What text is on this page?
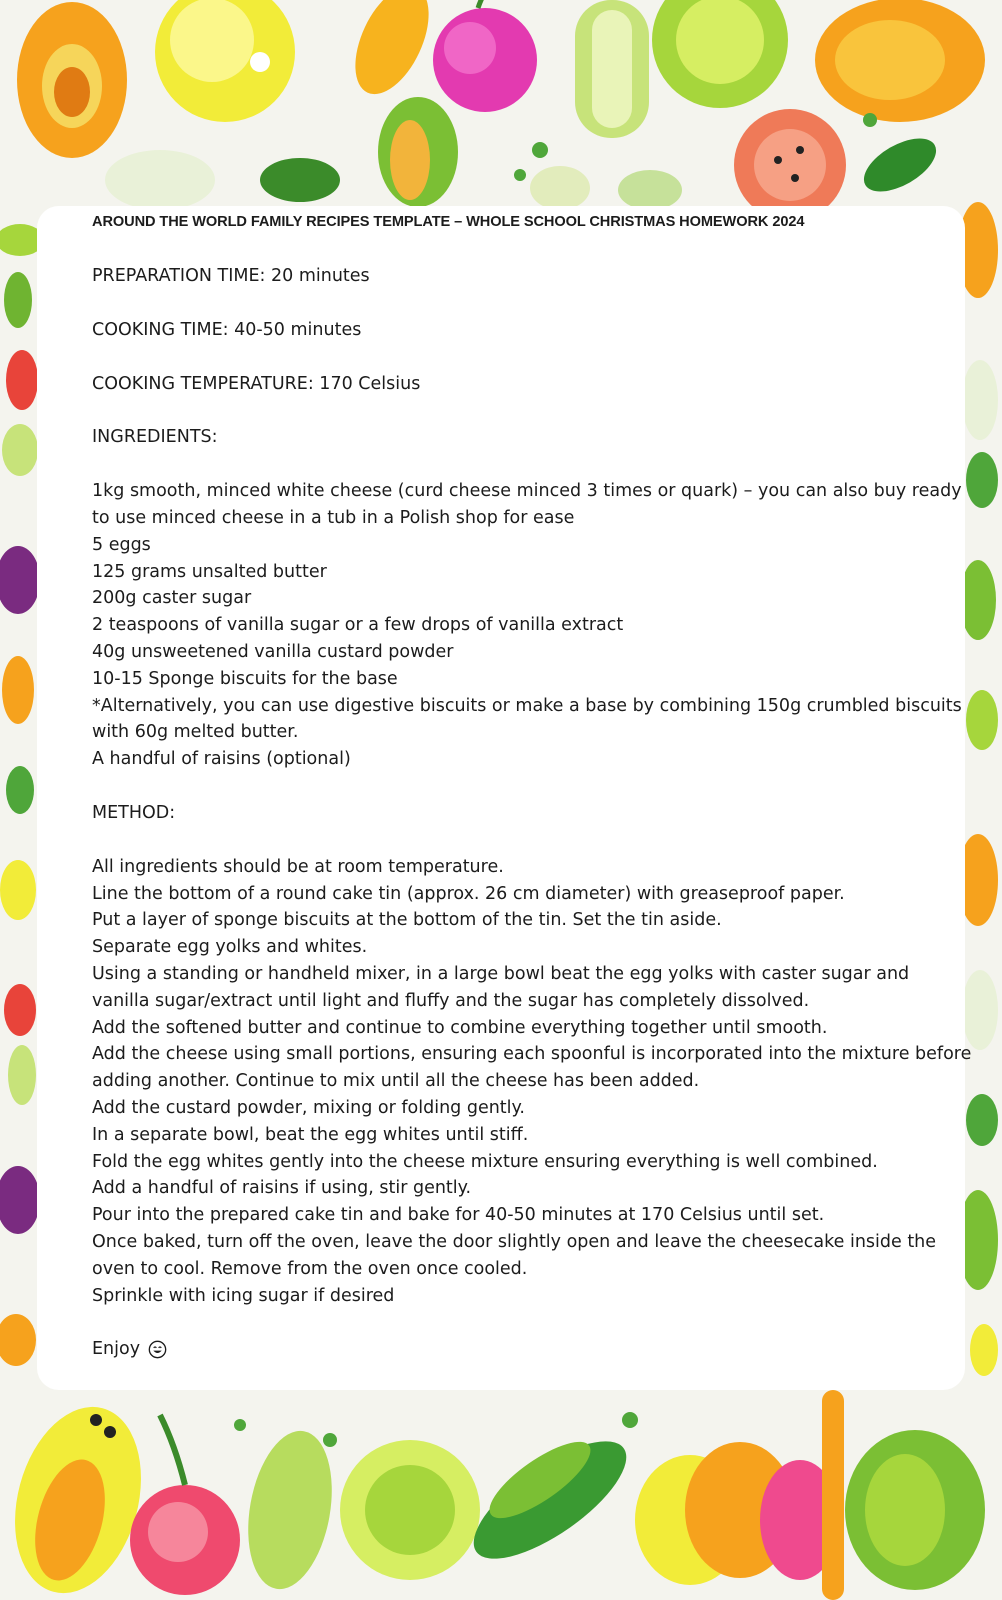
AROUND THE WORLD FAMILY RECIPES TEMPLATE – WHOLE SCHOOL CHRISTMAS HOMEWORK 2024
PREPARATION TIME: 20 minutes
COOKING TIME: 40-50 minutes
COOKING TEMPERATURE: 170 Celsius
INGREDIENTS:
1kg smooth, minced white cheese (curd cheese minced 3 times or quark) – you can also buy ready to use minced cheese in a tub in a Polish shop for ease
5 eggs
125 grams unsalted butter
200g caster sugar
2 teaspoons of vanilla sugar or a few drops of vanilla extract
40g unsweetened vanilla custard powder
10-15 Sponge biscuits for the base
*Alternatively, you can use digestive biscuits or make a base by combining 150g crumbled biscuits with 60g melted butter.
A handful of raisins (optional)
METHOD:
All ingredients should be at room temperature.
Line the bottom of a round cake tin (approx. 26 cm diameter) with greaseproof paper.
Put a layer of sponge biscuits at the bottom of the tin. Set the tin aside.
Separate egg yolks and whites.
Using a standing or handheld mixer, in a large bowl beat the egg yolks with caster sugar and vanilla sugar/extract until light and fluffy and the sugar has completely dissolved.
Add the softened butter and continue to combine everything together until smooth.
Add the cheese using small portions, ensuring each spoonful is incorporated into the mixture before adding another. Continue to mix until all the cheese has been added.
Add the custard powder, mixing or folding gently.
In a separate bowl, beat the egg whites until stiff.
Fold the egg whites gently into the cheese mixture ensuring everything is well combined.
Add a handful of raisins if using, stir gently.
Pour into the prepared cake tin and bake for 40-50 minutes at 170 Celsius until set.
Once baked, turn off the oven, leave the door slightly open and leave the cheesecake inside the oven to cool. Remove from the oven once cooled.
Sprinkle with icing sugar if desired
Enjoy
